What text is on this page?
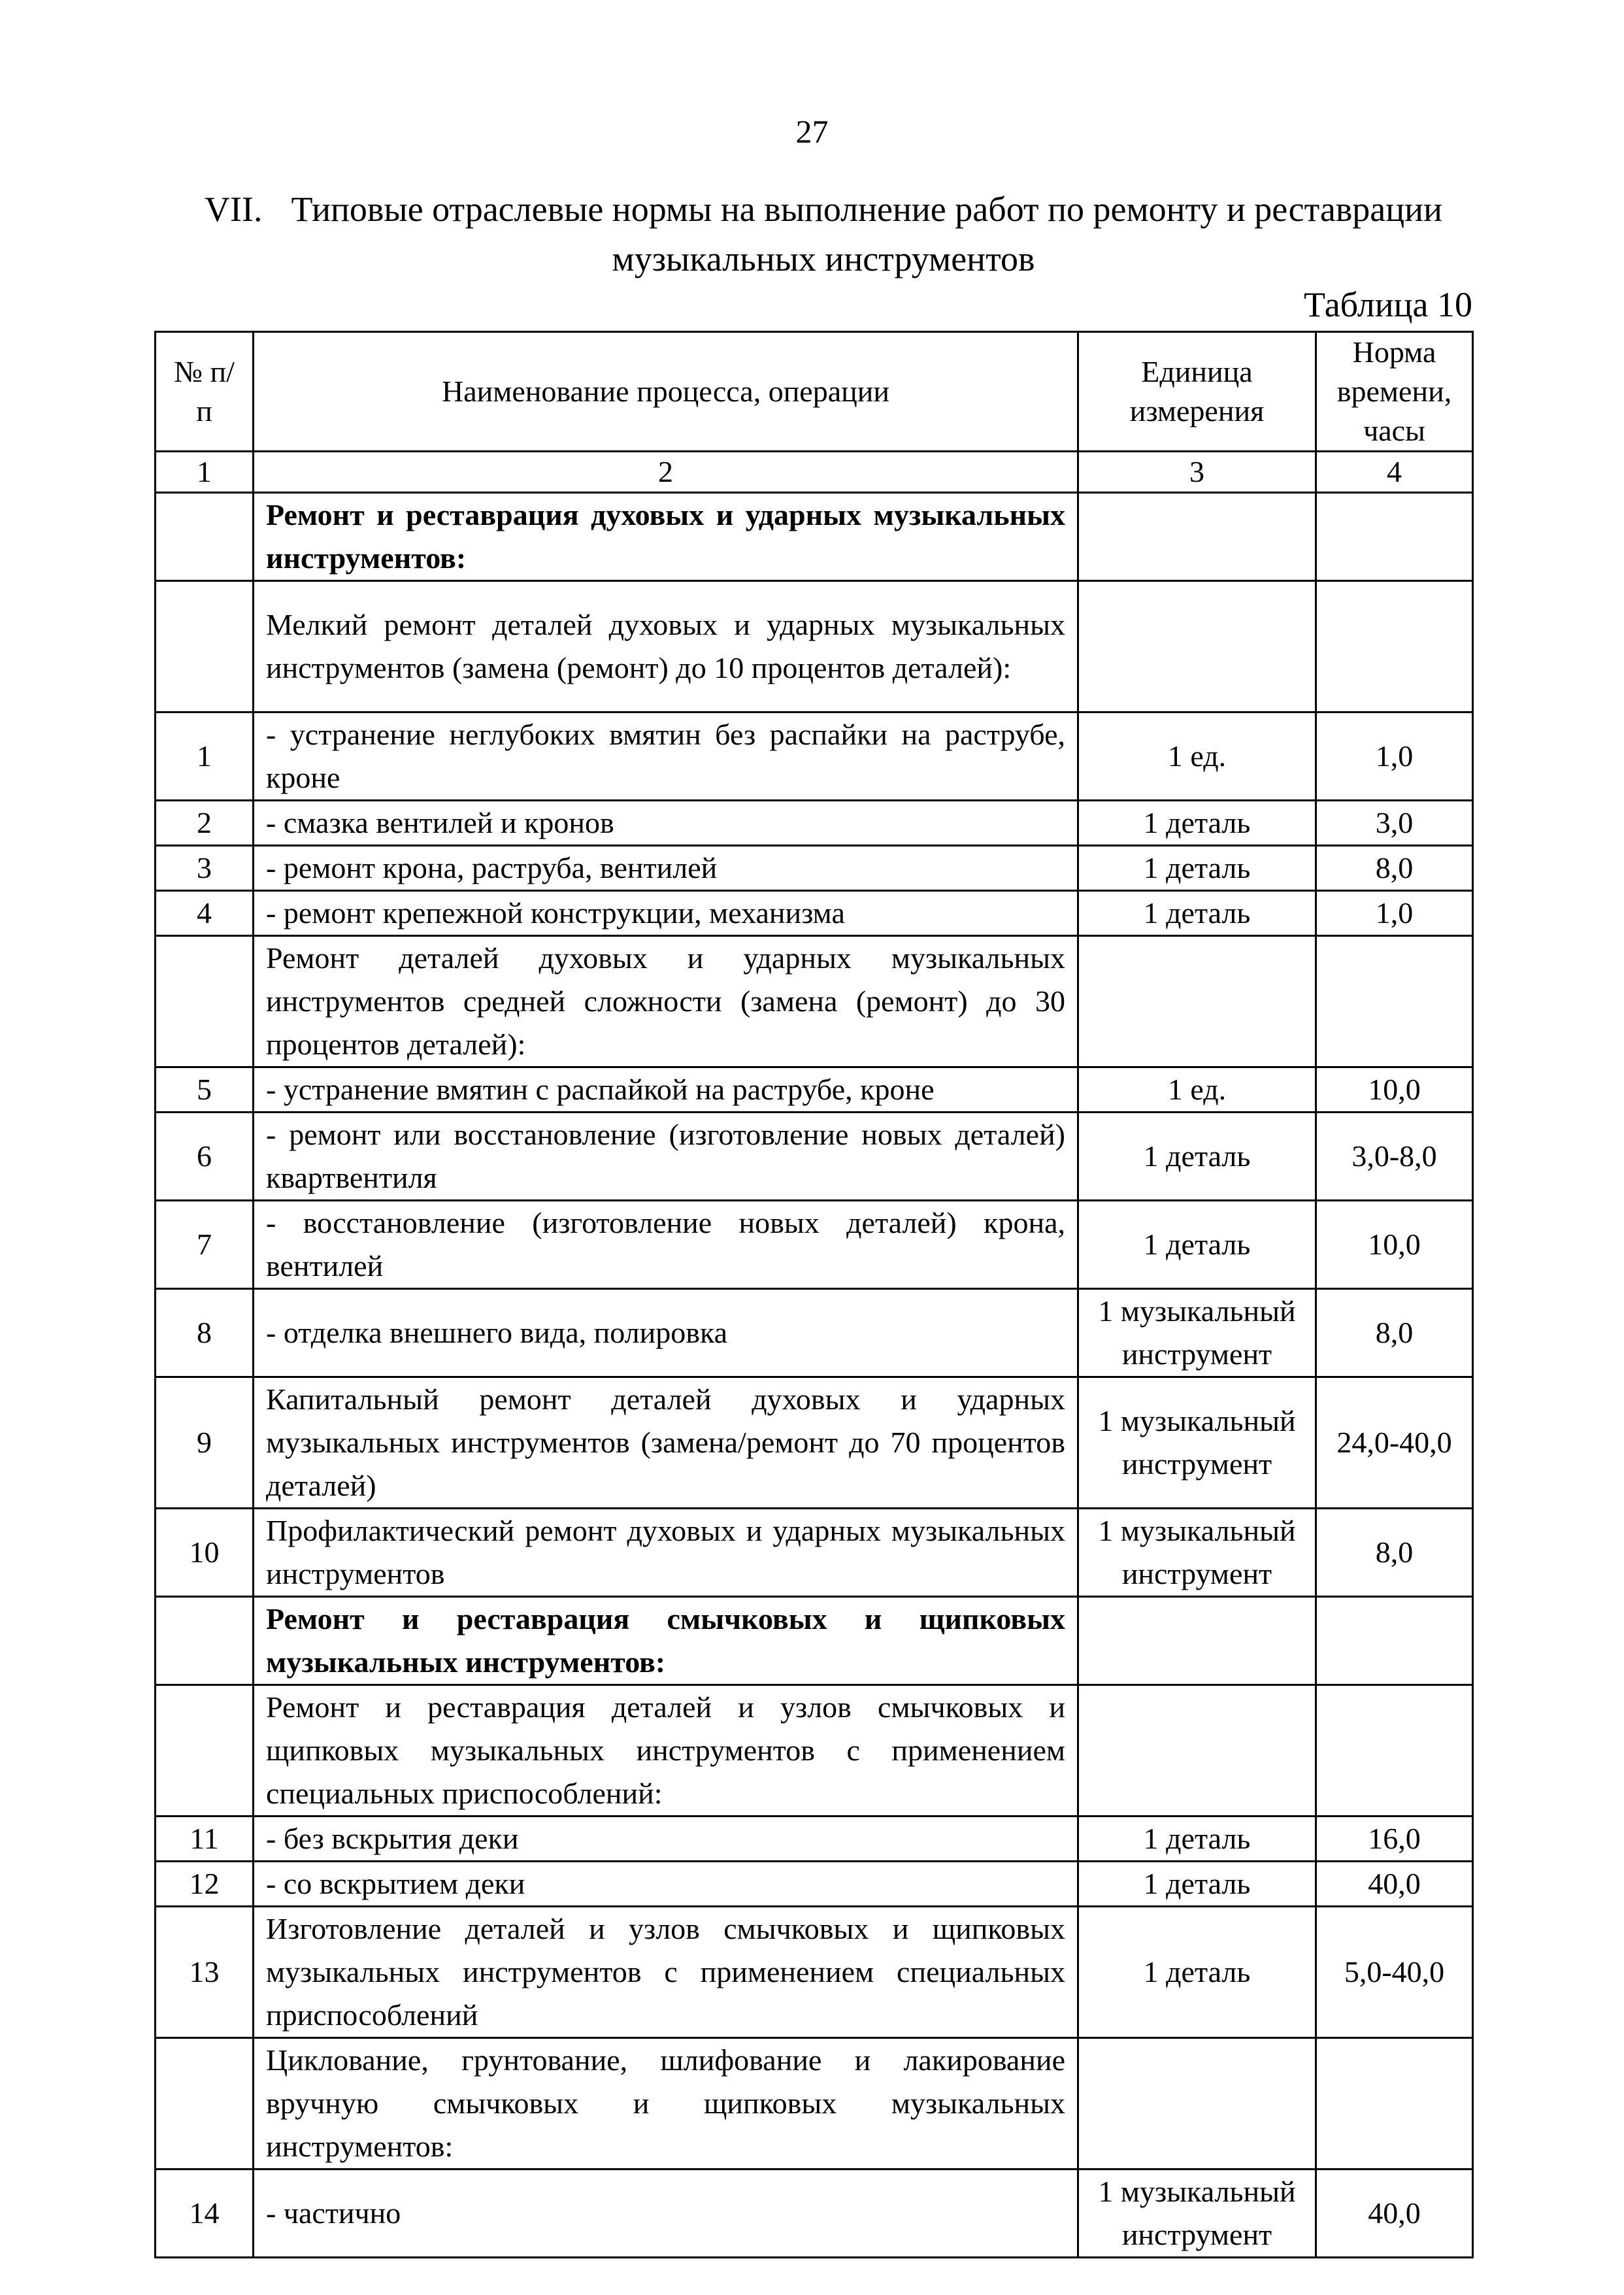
27
VII. Типовые отраслевые нормы на выполнение работ по ремонту и реставрации музыкальных инструментов
Таблица 10
№ п/п	Наименование процесса, операции	Единица измерения	Норма времени, часы
1	2	3	4
	Ремонт и реставрация духовых и ударных музыкальных инструментов:		
	Мелкий ремонт деталей духовых и ударных музыкальных инструментов (замена (ремонт) до 10 процентов деталей):		
1	- устранение неглубоких вмятин без распайки на раструбе, кроне	1 ед.	1,0
2	- смазка вентилей и кронов	1 деталь	3,0
3	- ремонт крона, раструба, вентилей	1 деталь	8,0
4	- ремонт крепежной конструкции, механизма	1 деталь	1,0
	Ремонт деталей духовых и ударных музыкальных инструментов средней сложности (замена (ремонт) до 30 процентов деталей):		
5	- устранение вмятин с распайкой на раструбе, кроне	1 ед.	10,0
6	- ремонт или восстановление (изготовление новых деталей) квартвентиля	1 деталь	3,0-8,0
7	- восстановление (изготовление новых деталей) крона, вентилей	1 деталь	10,0
8	- отделка внешнего вида, полировка	1 музыкальный инструмент	8,0
9	Капитальный ремонт деталей духовых и ударных музыкальных инструментов (замена/ремонт до 70 процентов деталей)	1 музыкальный инструмент	24,0-40,0
10	Профилактический ремонт духовых и ударных музыкальных инструментов	1 музыкальный инструмент	8,0
	Ремонт и реставрация смычковых и щипковых музыкальных инструментов:		
	Ремонт и реставрация деталей и узлов смычковых и щипковых музыкальных инструментов с применением специальных приспособлений:		
11	- без вскрытия деки	1 деталь	16,0
12	- со вскрытием деки	1 деталь	40,0
13	Изготовление деталей и узлов смычковых и щипковых музыкальных инструментов с применением специальных приспособлений	1 деталь	5,0-40,0
	Циклование, грунтование, шлифование и лакирование вручную смычковых и щипковых музыкальных инструментов:		
14	- частично	1 музыкальный инструмент	40,0
